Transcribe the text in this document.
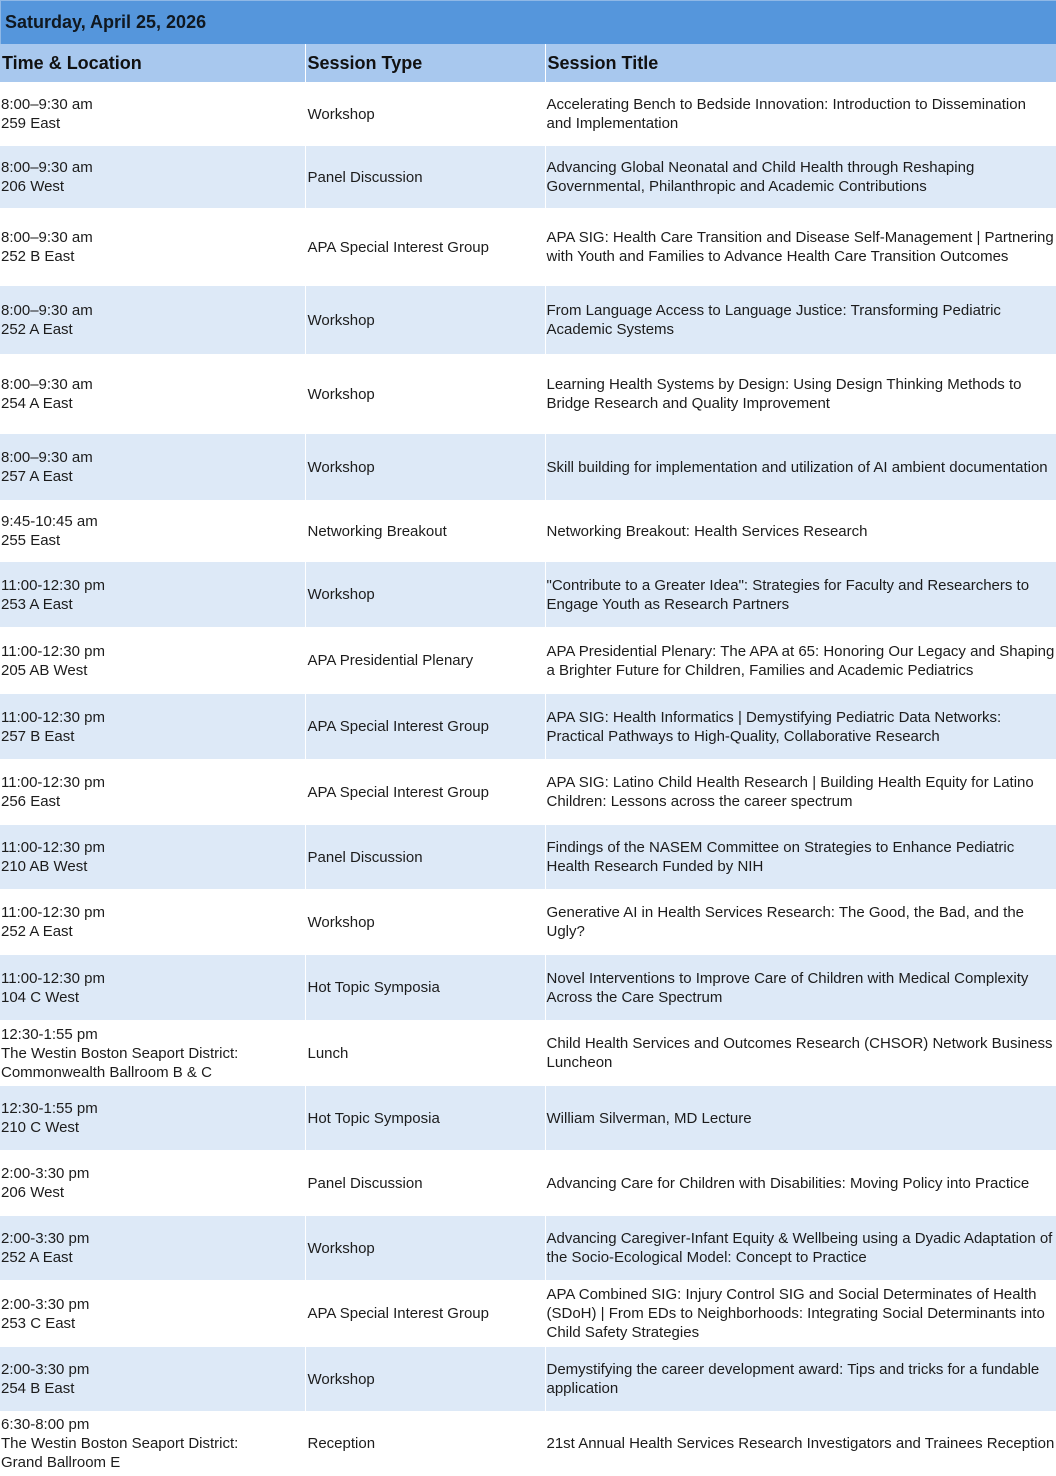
Saturday, April 25, 2026
Time & Location	Session Type	Session Title

8:00–9:30 am
259 East	Workshop	Accelerating Bench to Bedside Innovation: Introduction to Dissemination and Implementation

8:00–9:30 am
206 West	Panel Discussion	Advancing Global Neonatal and Child Health through Reshaping Governmental, Philanthropic and Academic Contributions

8:00–9:30 am
252 B East	APA Special Interest Group	APA SIG: Health Care Transition and Disease Self-Management | Partnering with Youth and Families to Advance Health Care Transition Outcomes

8:00–9:30 am
252 A East	Workshop	From Language Access to Language Justice: Transforming Pediatric Academic Systems

8:00–9:30 am
254 A East	Workshop	Learning Health Systems by Design: Using Design Thinking Methods to Bridge Research and Quality Improvement

8:00–9:30 am
257 A East	Workshop	Skill building for implementation and utilization of AI ambient documentation

9:45-10:45 am
255 East	Networking Breakout	Networking Breakout: Health Services Research

11:00-12:30 pm
253 A East	Workshop	"Contribute to a Greater Idea": Strategies for Faculty and Researchers to Engage Youth as Research Partners

11:00-12:30 pm
205 AB West	APA Presidential Plenary	APA Presidential Plenary: The APA at 65: Honoring Our Legacy and Shaping a Brighter Future for Children, Families and Academic Pediatrics

11:00-12:30 pm
257 B East	APA Special Interest Group	APA SIG: Health Informatics | Demystifying Pediatric Data Networks: Practical Pathways to High-Quality, Collaborative Research

11:00-12:30 pm
256 East	APA Special Interest Group	APA SIG: Latino Child Health Research | Building Health Equity for Latino Children: Lessons across the career spectrum

11:00-12:30 pm
210 AB West	Panel Discussion	Findings of the NASEM Committee on Strategies to Enhance Pediatric Health Research Funded by NIH

11:00-12:30 pm
252 A East	Workshop	Generative AI in Health Services Research: The Good, the Bad, and the Ugly?

11:00-12:30 pm
104 C West	Hot Topic Symposia	Novel Interventions to Improve Care of Children with Medical Complexity Across the Care Spectrum

12:30-1:55 pm
The Westin Boston Seaport District:
Commonwealth Ballroom B & C	Lunch	Child Health Services and Outcomes Research (CHSOR) Network Business Luncheon

12:30-1:55 pm
210 C West	Hot Topic Symposia	William Silverman, MD Lecture

2:00-3:30 pm
206 West	Panel Discussion	Advancing Care for Children with Disabilities: Moving Policy into Practice

2:00-3:30 pm
252 A East	Workshop	Advancing Caregiver-Infant Equity & Wellbeing using a Dyadic Adaptation of the Socio-Ecological Model: Concept to Practice

2:00-3:30 pm
253 C East	APA Special Interest Group	APA Combined SIG: Injury Control SIG and Social Determinates of Health (SDoH) | From EDs to Neighborhoods: Integrating Social Determinants into Child Safety Strategies

2:00-3:30 pm
254 B East	Workshop	Demystifying the career development award: Tips and tricks for a fundable application

6:30-8:00 pm
The Westin Boston Seaport District:
Grand Ballroom E	Reception	21st Annual Health Services Research Investigators and Trainees Reception
